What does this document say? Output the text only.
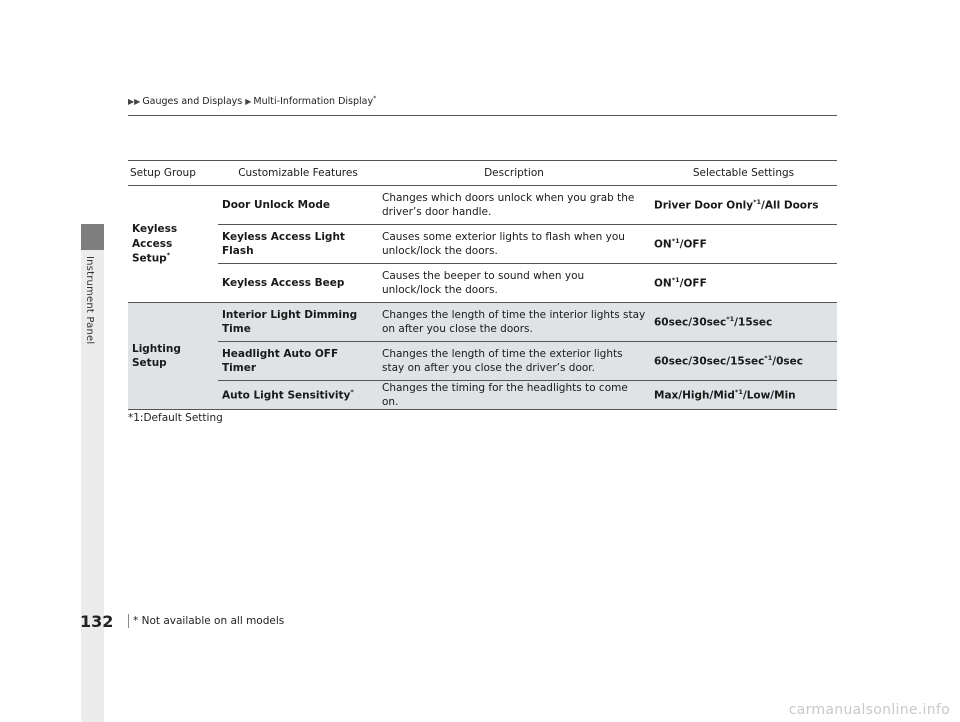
Instrument Panel
▶▶ Gauges and Displays ▶ Multi-Information Display*
Setup Group	Customizable Features	Description	Selectable Settings
Keyless
Access
Setup*	Door Unlock Mode	Changes which doors unlock when you grab the driver’s door handle.	Driver Door Only$^{*1}$/All Doors
	Keyless Access Light Flash	Causes some exterior lights to flash when you unlock/lock the doors.	ON$^{*1}$/OFF
	Keyless Access Beep	Causes the beeper to sound when you unlock/lock the doors.	ON$^{*1}$/OFF
Lighting
Setup	Interior Light Dimming Time	Changes the length of time the interior lights stay on after you close the doors.	$60\sec/30\sec^{*1}/15\sec$
	Headlight Auto OFF Timer	Changes the length of time the exterior lights stay on after you close the driver’s door.	$60\sec/30\sec/15\sec^{*1}/0\sec$
	Auto Light Sensitivity*	Changes the timing for the headlights to come on.	Max/High/Mid$^{*1}$/Low/Min
*1:Default Setting
132	* Not available on all models
carmanualsonline.info
